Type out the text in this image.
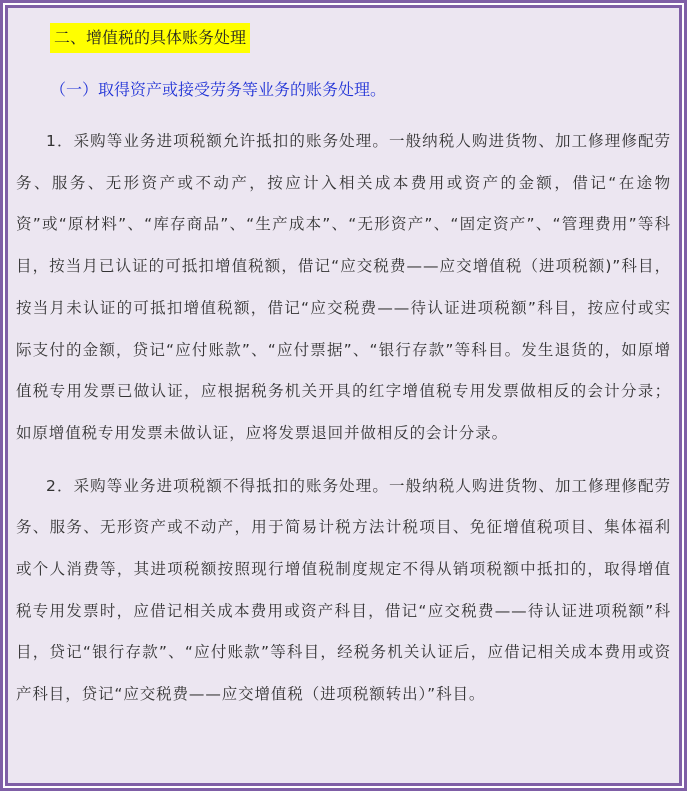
二、增值税的具体账务处理
（一）取得资产或接受劳务等业务的账务处理。

1．采购等业务进项税额允许抵扣的账务处理。一般纳税人购进货物、加工修理修配劳务、服务、无形资产或不动产，按应计入相关成本费用或资产的金额，借记“在途物资”或“原材料”、“库存商品”、“生产成本”、“无形资产”、“固定资产”、“管理费用”等科目，按当月已认证的可抵扣增值税额，借记“应交税费——应交增值税（进项税额)”科目，按当月未认证的可抵扣增值税额，借记“应交税费——待认证进项税额”科目，按应付或实际支付的金额，贷记“应付账款”、“应付票据”、“银行存款”等科目。发生退货的，如原增值税专用发票已做认证，应根据税务机关开具的红字增值税专用发票做相反的会计分录；如原增值税专用发票未做认证，应将发票退回并做相反的会计分录。

2．采购等业务进项税额不得抵扣的账务处理。一般纳税人购进货物、加工修理修配劳务、服务、无形资产或不动产，用于简易计税方法计税项目、免征增值税项目、集体福利或个人消费等，其进项税额按照现行增值税制度规定不得从销项税额中抵扣的，取得增值税专用发票时，应借记相关成本费用或资产科目，借记“应交税费——待认证进项税额”科目，贷记“银行存款”、“应付账款”等科目，经税务机关认证后，应借记相关成本费用或资产科目，贷记“应交税费——应交增值税（进项税额转出）”科目。
